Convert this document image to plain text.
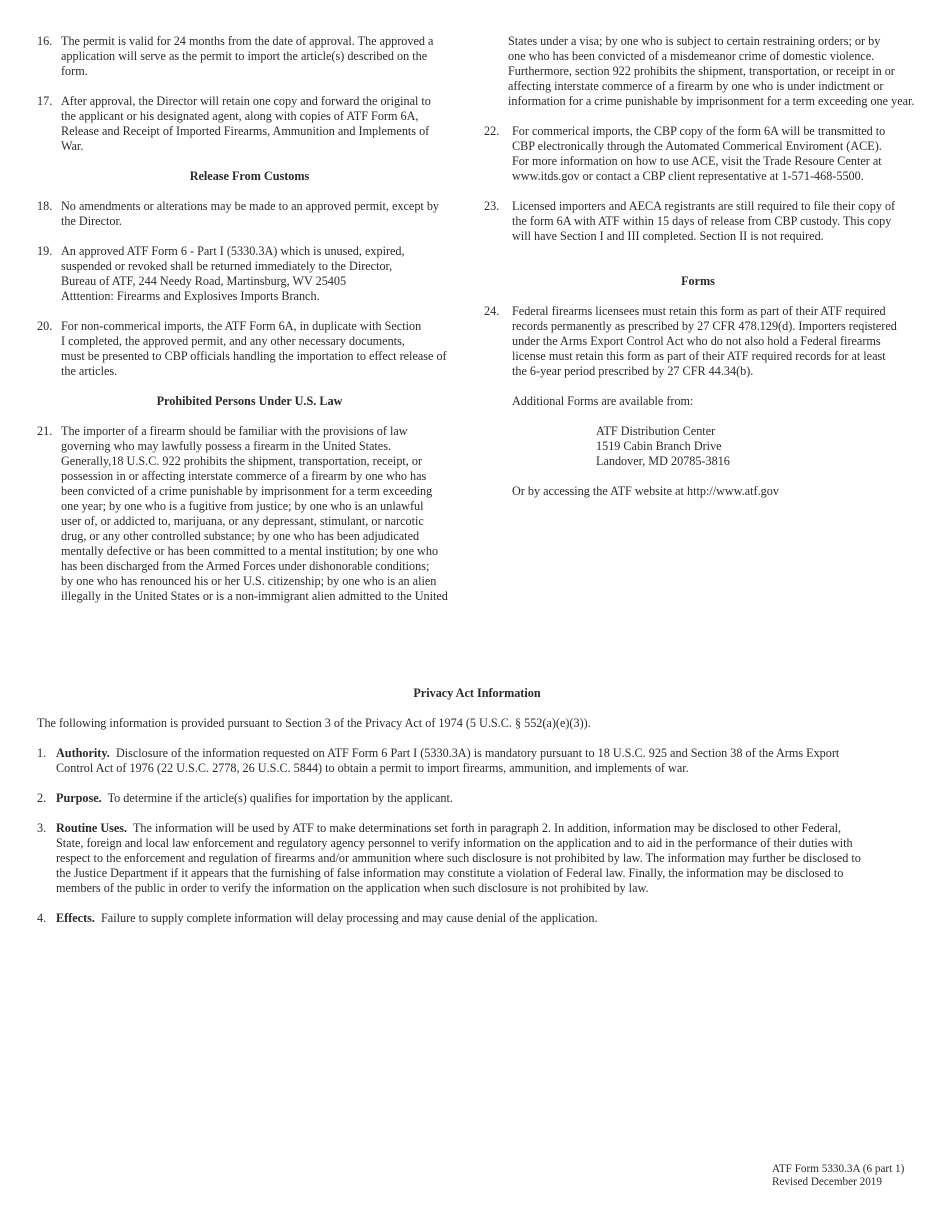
16. The permit is valid for 24 months from the date of approval. The approved a
application will serve as the permit to import the article(s) described on the
form.
17. After approval, the Director will retain one copy and forward the original to
the applicant or his designated agent, along with copies of ATF Form 6A,
Release and Receipt of Imported Firearms, Ammunition and Implements of
War.
Release From Customs
18. No amendments or alterations may be made to an approved permit, except by
the Director.
19. An approved ATF Form 6 - Part I (5330.3A) which is unused, expired,
suspended or revoked shall be returned immediately to the Director,
Bureau of ATF, 244 Needy Road, Martinsburg, WV 25405
Atttention: Firearms and Explosives Imports Branch.
20. For non-commerical imports, the ATF Form 6A, in duplicate with Section
I completed, the approved permit, and any other necessary documents,
must be presented to CBP officials handling the importation to effect release of
the articles.
Prohibited Persons Under U.S. Law
21. The importer of a firearm should be familiar with the provisions of law
governing who may lawfully possess a firearm in the United States.
Generally,18 U.S.C. 922 prohibits the shipment, transportation, receipt, or
possession in or affecting interstate commerce of a firearm by one who has
been convicted of a crime punishable by imprisonment for a term exceeding
one year; by one who is a fugitive from justice; by one who is an unlawful
user of, or addicted to, marijuana, or any depressant, stimulant, or narcotic
drug, or any other controlled substance; by one who has been adjudicated
mentally defective or has been committed to a mental institution; by one who
has been discharged from the Armed Forces under dishonorable conditions;
by one who has renounced his or her U.S. citizenship; by one who is an alien
illegally in the United States or is a non-immigrant alien admitted to the United
States under a visa; by one who is subject to certain restraining orders; or by
one who has been convicted of a misdemeanor crime of domestic violence.
Furthermore, section 922 prohibits the shipment, transportation, or receipt in or
affecting interstate commerce of a firearm by one who is under indictment or
information for a crime punishable by imprisonment for a term exceeding one year.
22.	For commerical imports, the CBP copy of the form 6A will be transmitted to
CBP electronically through the Automated Commerical Enviroment (ACE).
For more information on how to use ACE, visit the Trade Resoure Center at
www.itds.gov or contact a CBP client representative at 1-571-468-5500.
23.	Licensed importers and AECA registrants are still required to file their copy of
the form 6A with ATF within 15 days of release from CBP custody. This copy
will have Section I and III completed. Section II is not required.
Forms
24.	Federal firearms licensees must retain this form as part of their ATF required
records permanently as prescribed by 27 CFR 478.129(d). Importers reqistered
under the Arms Export Control Act who do not also hold a Federal firearms
license must retain this form as part of their ATF required records for at least
the 6-year period prescribed by 27 CFR 44.34(b).
Additional Forms are available from:
ATF Distribution Center
1519 Cabin Branch Drive
Landover, MD 20785-3816
Or by accessing the ATF website at http://www.atf.gov
Privacy Act Information
The following information is provided pursuant to Section 3 of the Privacy Act of 1974 (5 U.S.C. § 552(a)(e)(3)).
1. Authority. Disclosure of the information requested on ATF Form 6 Part I (5330.3A) is mandatory pursuant to 18 U.S.C. 925 and Section 38 of the Arms Export
Control Act of 1976 (22 U.S.C. 2778, 26 U.S.C. 5844) to obtain a permit to import firearms, ammunition, and implements of war.
2. Purpose. To determine if the article(s) qualifies for importation by the applicant.
3. Routine Uses. The information will be used by ATF to make determinations set forth in paragraph 2. In addition, information may be disclosed to other Federal,
State, foreign and local law enforcement and regulatory agency personnel to verify information on the application and to aid in the performance of their duties with
respect to the enforcement and regulation of firearms and/or ammunition where such disclosure is not prohibited by law. The information may further be disclosed to
the Justice Department if it appears that the furnishing of false information may constitute a violation of Federal law. Finally, the information may be disclosed to
members of the public in order to verify the information on the application when such disclosure is not prohibited by law.
4. Effects. Failure to supply complete information will delay processing and may cause denial of the application.
ATF Form 5330.3A (6 part 1)
Revised December 2019
